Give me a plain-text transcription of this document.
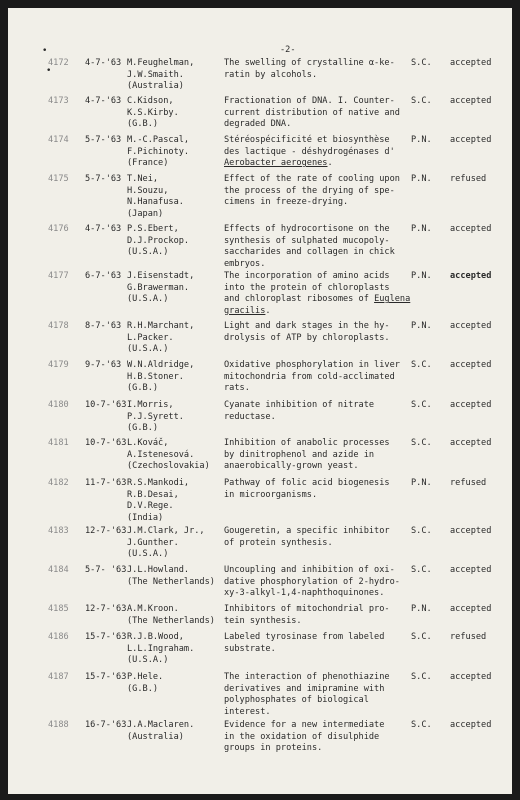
•
•
-2-
4172 4-7-'63 M.Feughelman,
J.W.Smaith.
(Australia)
The swelling of crystalline α-ke-
ratin by alcohols.
S.C. accepted
4173 4-7-'63 C.Kidson,
K.S.Kirby.
(G.B.)
Fractionation of DNA. I. Counter-
current distribution of native and
degraded DNA.
S.C. accepted
4174 5-7-'63 M.-C.Pascal,
F.Pichinoty.
(France)
Stéréospécificité et biosynthèse
des lactique - déshydrogénases d'
Aerobacter aerogenes.
P.N. accepted
4175 5-7-'63 T.Nei,
H.Souzu,
N.Hanafusa.
(Japan)
Effect of the rate of cooling upon
the process of the drying of spe-
cimens in freeze-drying.
P.N. refused
4176 4-7-'63 P.S.Ebert,
D.J.Prockop.
(U.S.A.)
Effects of hydrocortisone on the
synthesis of sulphated mucopoly-
saccharides and collagen in chick
embryos.
P.N. accepted
4177 6-7-'63 J.Eisenstadt,
G.Brawerman.
(U.S.A.)
The incorporation of amino acids
into the protein of chloroplasts
and chloroplast ribosomes of Euglena
gracilis.
P.N. accepted
4178 8-7-'63 R.H.Marchant,
L.Packer.
(U.S.A.)
Light and dark stages in the hy-
drolysis of ATP by chloroplasts.
P.N. accepted
4179 9-7-'63 W.N.Aldridge,
H.B.Stoner.
(G.B.)
Oxidative phosphorylation in liver
mitochondria from cold-acclimated
rats.
S.C. accepted
4180 10-7-'63 I.Morris,
P.J.Syrett.
(G.B.)
Cyanate inhibition of nitrate
reductase.
S.C. accepted
4181 10-7-'63 L.Kováč,
A.Istenesová.
(Czechoslovakia)
Inhibition of anabolic processes
by dinitrophenol and azide in
anaerobically-grown yeast.
S.C. accepted
4182 11-7-'63 R.S.Mankodi,
R.B.Desai,
D.V.Rege.
(India)
Pathway of folic acid biogenesis
in microorganisms.
P.N. refused
4183 12-7-'63 J.M.Clark, Jr.,
J.Gunther.
(U.S.A.)
Gougeretin, a specific inhibitor
of protein synthesis.
S.C. accepted
4184 5-7- '63 J.L.Howland.
(The Netherlands)
Uncoupling and inhibition of oxi-
dative phosphorylation of 2-hydro-
xy-3-alkyl-1,4-naphthoquinones.
S.C. accepted
4185 12-7-'63 A.M.Kroon.
(The Netherlands)
Inhibitors of mitochondrial pro-
tein synthesis.
P.N. accepted
4186 15-7-'63 R.J.B.Wood,
L.L.Ingraham.
(U.S.A.)
Labeled tyrosinase from labeled
substrate.
S.C. refused
4187 15-7-'63 P.Hele.
(G.B.)
The interaction of phenothiazine
derivatives and imipramine with
polyphosphates of biological
interest.
S.C. accepted
4188 16-7-'63 J.A.Maclaren.
(Australia)
Evidence for a new intermediate
in the oxidation of disulphide
groups in proteins.
S.C. accepted
